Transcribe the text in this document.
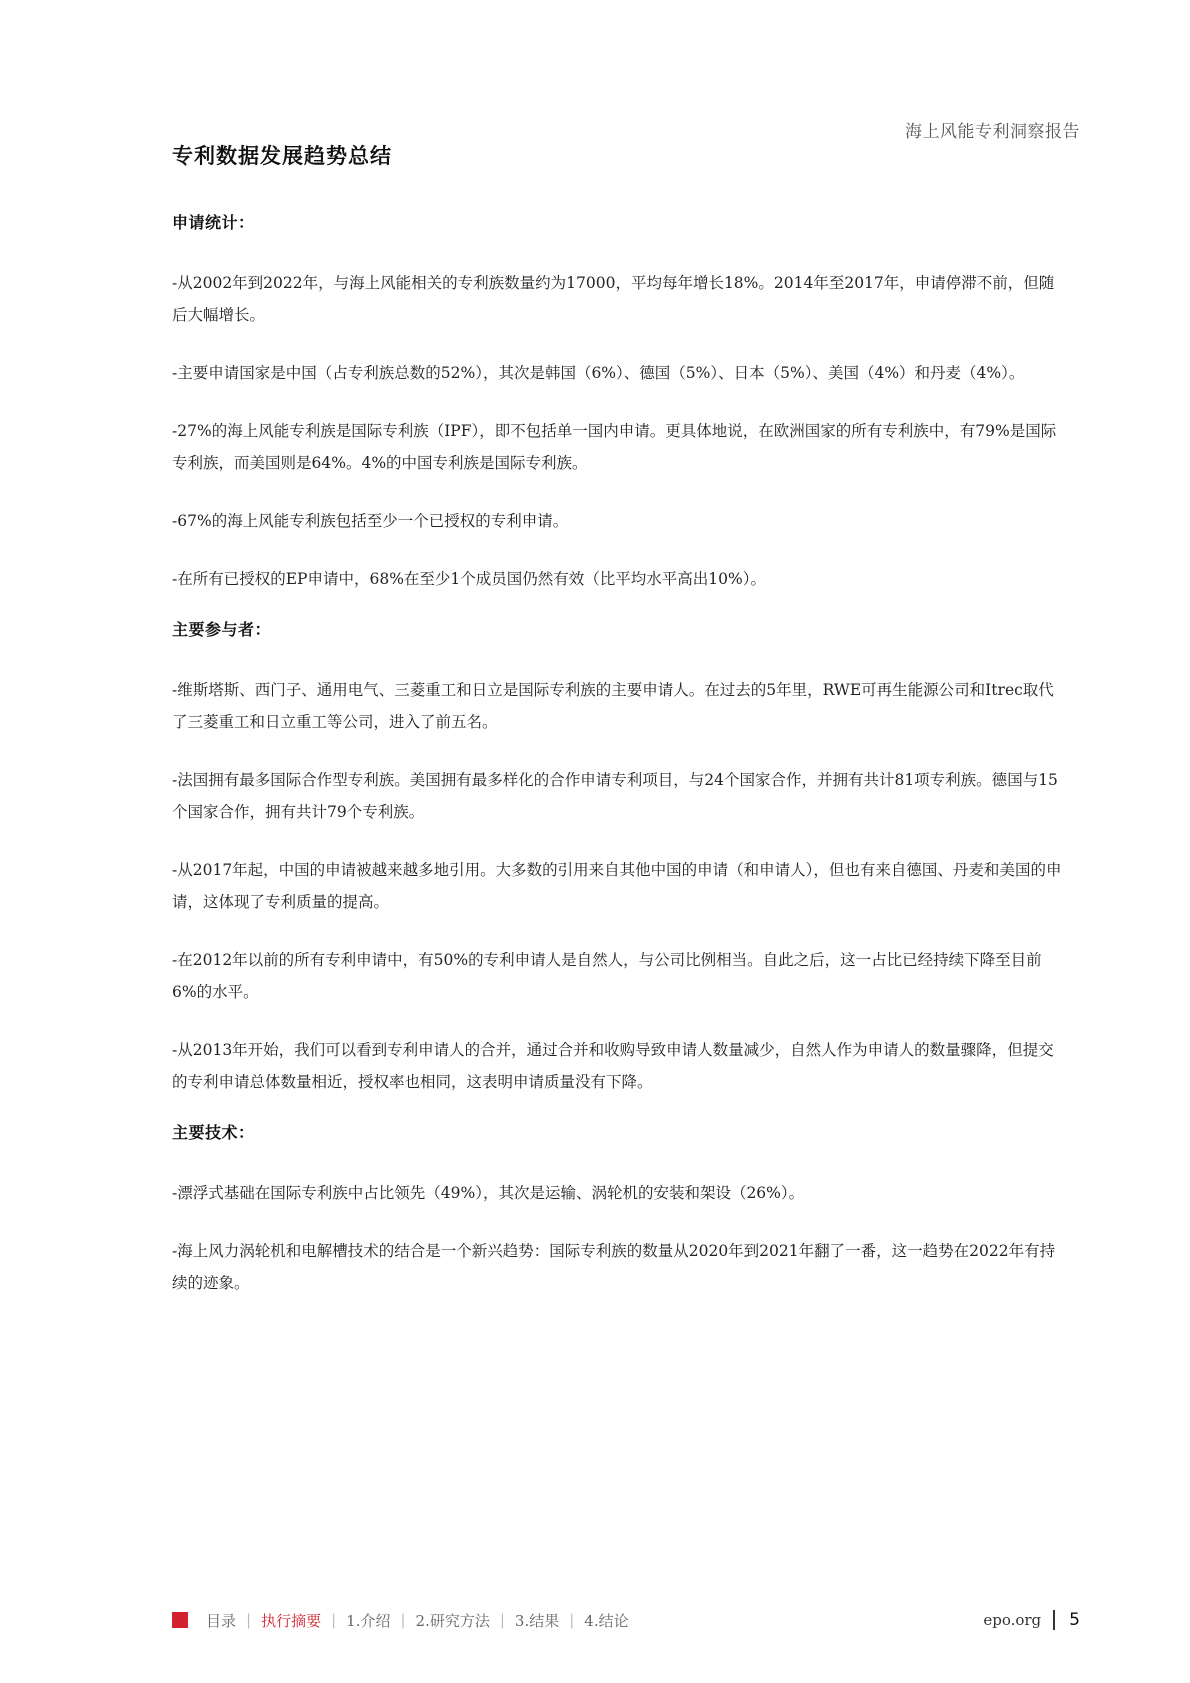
海上风能专利洞察报告
专利数据发展趋势总结
申请统计：

-从2002年到2022年，与海上风能相关的专利族数量约为17000，平均每年增长18%。2014年至2017年，申请停滞不前，但随后大幅增长。

-主要申请国家是中国（占专利族总数的52%），其次是韩国（6%）、德国（5%）、日本（5%）、美国（4%）和丹麦（4%）。

-27%的海上风能专利族是国际专利族（IPF），即不包括单一国内申请。更具体地说，在欧洲国家的所有专利族中，有79%是国际专利族，而美国则是64%。4%的中国专利族是国际专利族。

-67%的海上风能专利族包括至少一个已授权的专利申请。

-在所有已授权的EP申请中，68%在至少1个成员国仍然有效（比平均水平高出10%）。

主要参与者：

-维斯塔斯、西门子、通用电气、三菱重工和日立是国际专利族的主要申请人。在过去的5年里，RWE可再生能源公司和Itrec取代了三菱重工和日立重工等公司，进入了前五名。

-法国拥有最多国际合作型专利族。美国拥有最多样化的合作申请专利项目，与24个国家合作，并拥有共计81项专利族。德国与15个国家合作，拥有共计79个专利族。

-从2017年起，中国的申请被越来越多地引用。大多数的引用来自其他中国的申请（和申请人），但也有来自德国、丹麦和美国的申请，这体现了专利质量的提高。

-在2012年以前的所有专利申请中，有50%的专利申请人是自然人，与公司比例相当。自此之后，这一占比已经持续下降至目前6%的水平。

-从2013年开始，我们可以看到专利申请人的合并，通过合并和收购导致申请人数量减少，自然人作为申请人的数量骤降，但提交的专利申请总体数量相近，授权率也相同，这表明申请质量没有下降。

主要技术：

-漂浮式基础在国际专利族中占比领先（49%），其次是运输、涡轮机的安装和架设（26%）。

-海上风力涡轮机和电解槽技术的结合是一个新兴趋势：国际专利族的数量从2020年到2021年翻了一番，这一趋势在2022年有持续的迹象。

目录 | 执行摘要 | 1.介绍 | 2.研究方法 | 3.结果 | 4.结论	epo.org 5
